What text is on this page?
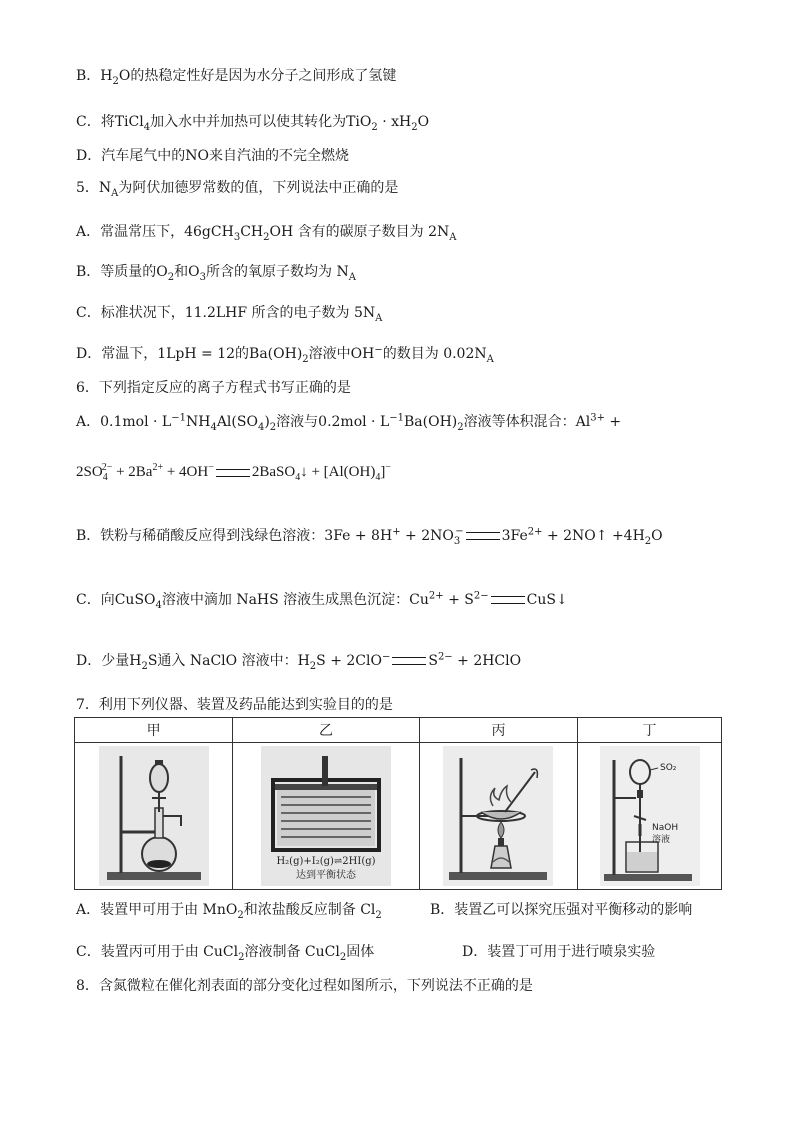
B．$H_2O$的热稳定性好是因为水分子之间形成了氢键
C．将TiCl$_4$加入水中并加热可以使其转化为$TiO_2 \cdot xH_2O$
D．汽车尾气中的NO来自汽油的不完全燃烧
5．$N_A$为阿伏加德罗常数的值，下列说法中正确的是
A．常温常压下，$46gCH_3CH_2OH$ 含有的碳原子数目为 $2N_A$
B．等质量的$O_2$和$O_3$所含的氧原子数均为 $N_A$
C．标准状况下，11.2LHF 所含的电子数为 $5N_A$
D．常温下，1LpH = 12的$Ba(OH)_2$溶液中OH−的数目为 $0.02N_A$
6．下列指定反应的离子方程式书写正确的是
A．$0.1mol \cdot L^{-1}NH_4Al(SO_4)_2$溶液与$0.2mol \cdot L^{-1}Ba(OH)_2$溶液等体积混合：$Al^{3+}$ +
$2SO_4^{2-} + 2Ba^{2+} + 4OH^-$	2BaSO$_4$↓ + $[Al(OH)_4]^-$
B．铁粉与稀硝酸反应得到浅绿色溶液：$3Fe + 8H^+ + 2NO_3^-$	$3Fe^{2+}$ + 2NO↑ $+4H_2O$
C．向CuSO$_4$溶液中滴加 NaHS 溶液生成黑色沉淀：$Cu^{2+} + S^{2-}$	CuS↓
D．少量$H_2S$通入 NaClO 溶液中：$H_2S + 2ClO^-$	$S^{2-}$ + 2HClO
7．利用下列仪器、装置及药品能达到实验目的的是
甲	乙	丙	丁

H₂(g)+I₂(g)⇌2HI(g)
达到平衡状态		SO₂
NaOH
溶液
A．装置甲可用于由 MnO$_2$和浓盐酸反应制备 $Cl_2$	B．装置乙可以探究压强对平衡移动的影响
C．装置丙可用于由 CuCl$_2$溶液制备 CuCl$_2$固体	D．装置丁可用于进行喷泉实验
8．含氮微粒在催化剂表面的部分变化过程如图所示，下列说法不正确的是
